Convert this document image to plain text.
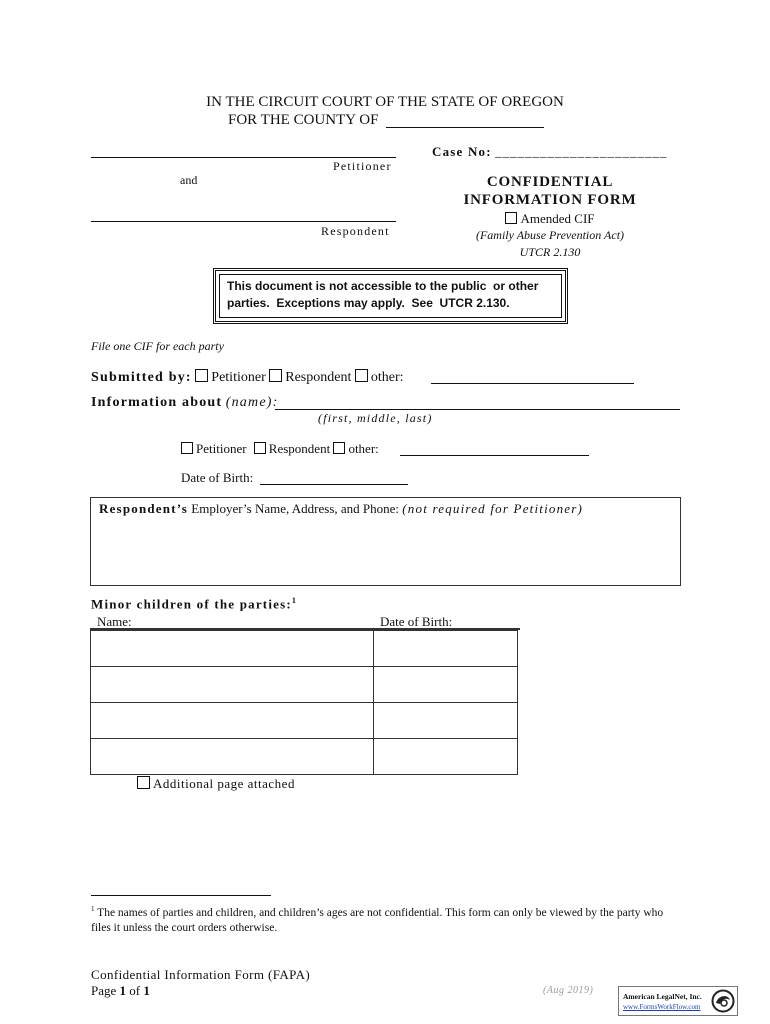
IN THE CIRCUIT COURT OF THE STATE OF OREGON
FOR THE COUNTY OF
Petitioner
and
Respondent
Case No: _______________________
CONFIDENTIAL
INFORMATION FORM
Amended CIF
(Family Abuse Prevention Act)
UTCR 2.130
This document is not accessible to the public  or other
parties.  Exceptions may apply.  See  UTCR 2.130.
File one CIF for each party
Submitted by: Petitioner Respondent other:
Information about (name):
(first, middle, last)
Petitioner Respondent other:
Date of Birth:
Respondent’s Employer’s Name, Address, and Phone: (not required for Petitioner)
Minor children of the parties:$^1$
Name:	Date of Birth:

Additional page attached
$^1$ The names of parties and children, and children’s ages are not confidential. This form can only be viewed by the party who files it unless the court orders otherwise.
Confidential Information Form (FAPA)
Page 1 of 1	(Aug 2019)
American LegalNet, Inc.
www.FormsWorkFlow.com
